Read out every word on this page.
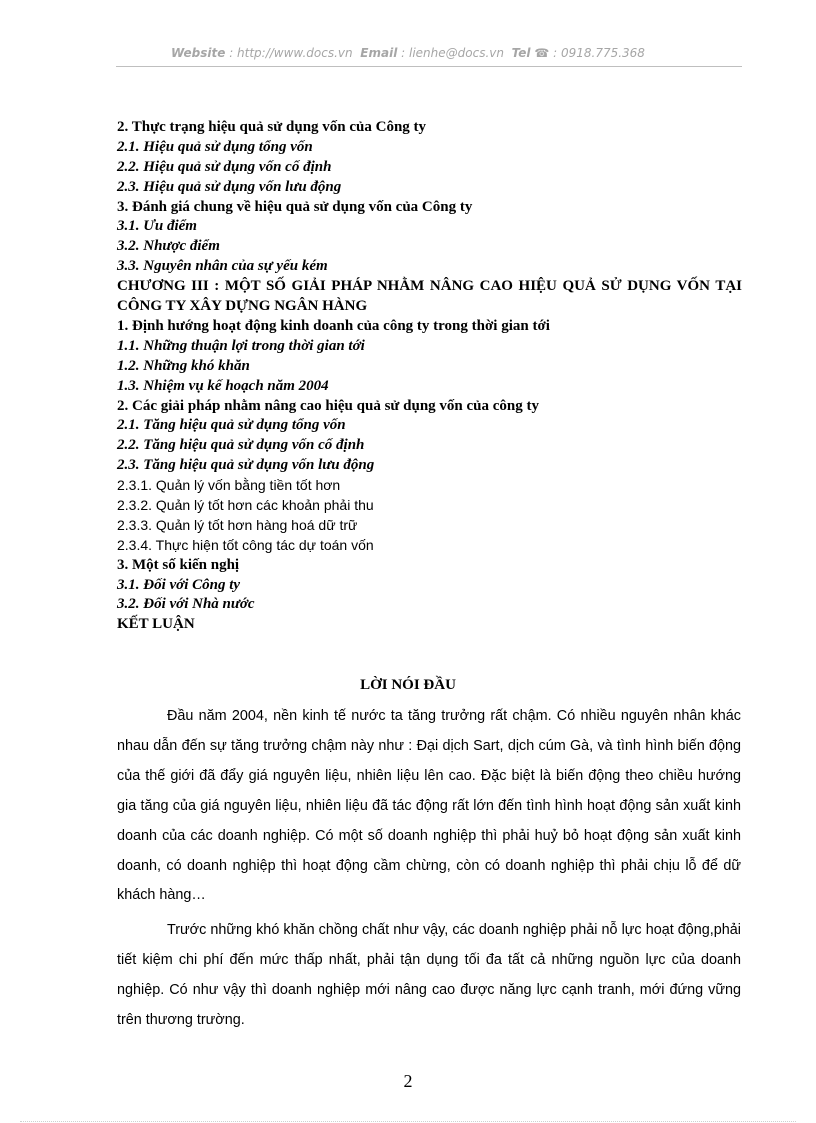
Website : http://www.docs.vn Email : lienhe@docs.vn Tel ☎ : 0918.775.368
2. Thực trạng hiệu quả sử dụng vốn của Công ty
2.1. Hiệu quả sử dụng tổng vốn
2.2. Hiệu quả sử dụng vốn cố định
2.3. Hiệu quả sử dụng vốn lưu động
3. Đánh giá chung về hiệu quả sử dụng vốn của Công ty
3.1. Ưu điểm
3.2. Nhược điểm
3.3. Nguyên nhân của sự yếu kém
CHƯƠNG III : MỘT SỐ GIẢI PHÁP NHẰM NÂNG CAO HIỆU QUẢ SỬ DỤNG VỐN TẠI CÔNG TY XÂY DỰNG NGÂN HÀNG
1. Định hướng hoạt động kinh doanh của công ty trong thời gian tới
1.1. Những thuận lợi trong thời gian tới
1.2. Những khó khăn
1.3. Nhiệm vụ kế hoạch năm 2004
2. Các giải pháp nhằm nâng cao hiệu quả sử dụng vốn của công ty
2.1. Tăng hiệu quả sử dụng tổng vốn
2.2. Tăng hiệu quả sử dụng vốn cố định
2.3. Tăng hiệu quả sử dụng vốn lưu động
2.3.1. Quản lý vốn bằng tiền tốt hơn
2.3.2. Quản lý tốt hơn các khoản phải thu
2.3.3. Quản lý tốt hơn hàng hoá dữ trữ
2.3.4. Thực hiện tốt công tác dự toán vốn
3. Một số kiến nghị
3.1. Đối với Công ty
3.2. Đối với Nhà nước
KẾT LUẬN
LỜI NÓI ĐẦU

Đầu năm 2004, nền kinh tế nước ta tăng trưởng rất chậm. Có nhiều nguyên nhân khác nhau dẫn đến sự tăng trưởng chậm này như : Đại dịch Sart, dịch cúm Gà, và tình hình biến động của thế giới đã đẩy giá nguyên liệu, nhiên liệu lên cao. Đặc biệt là biến động theo chiều hướng gia tăng của giá nguyên liệu, nhiên liệu đã tác động rất lớn đến tình hình hoạt động sản xuất kinh doanh của các doanh nghiệp. Có một số doanh nghiệp thì phải huỷ bỏ hoạt động sản xuất kinh doanh, có doanh nghiệp thì hoạt động cầm chừng, còn có doanh nghiệp thì phải chịu lỗ để dữ khách hàng…

Trước những khó khăn chồng chất như vậy, các doanh nghiệp phải nỗ lực hoạt động,phải tiết kiệm chi phí đến mức thấp nhất, phải tận dụng tối đa tất cả những nguồn lực của doanh nghiệp. Có như vậy thì doanh nghiệp mới nâng cao được năng lực cạnh tranh, mới đứng vững trên thương trường.

2
